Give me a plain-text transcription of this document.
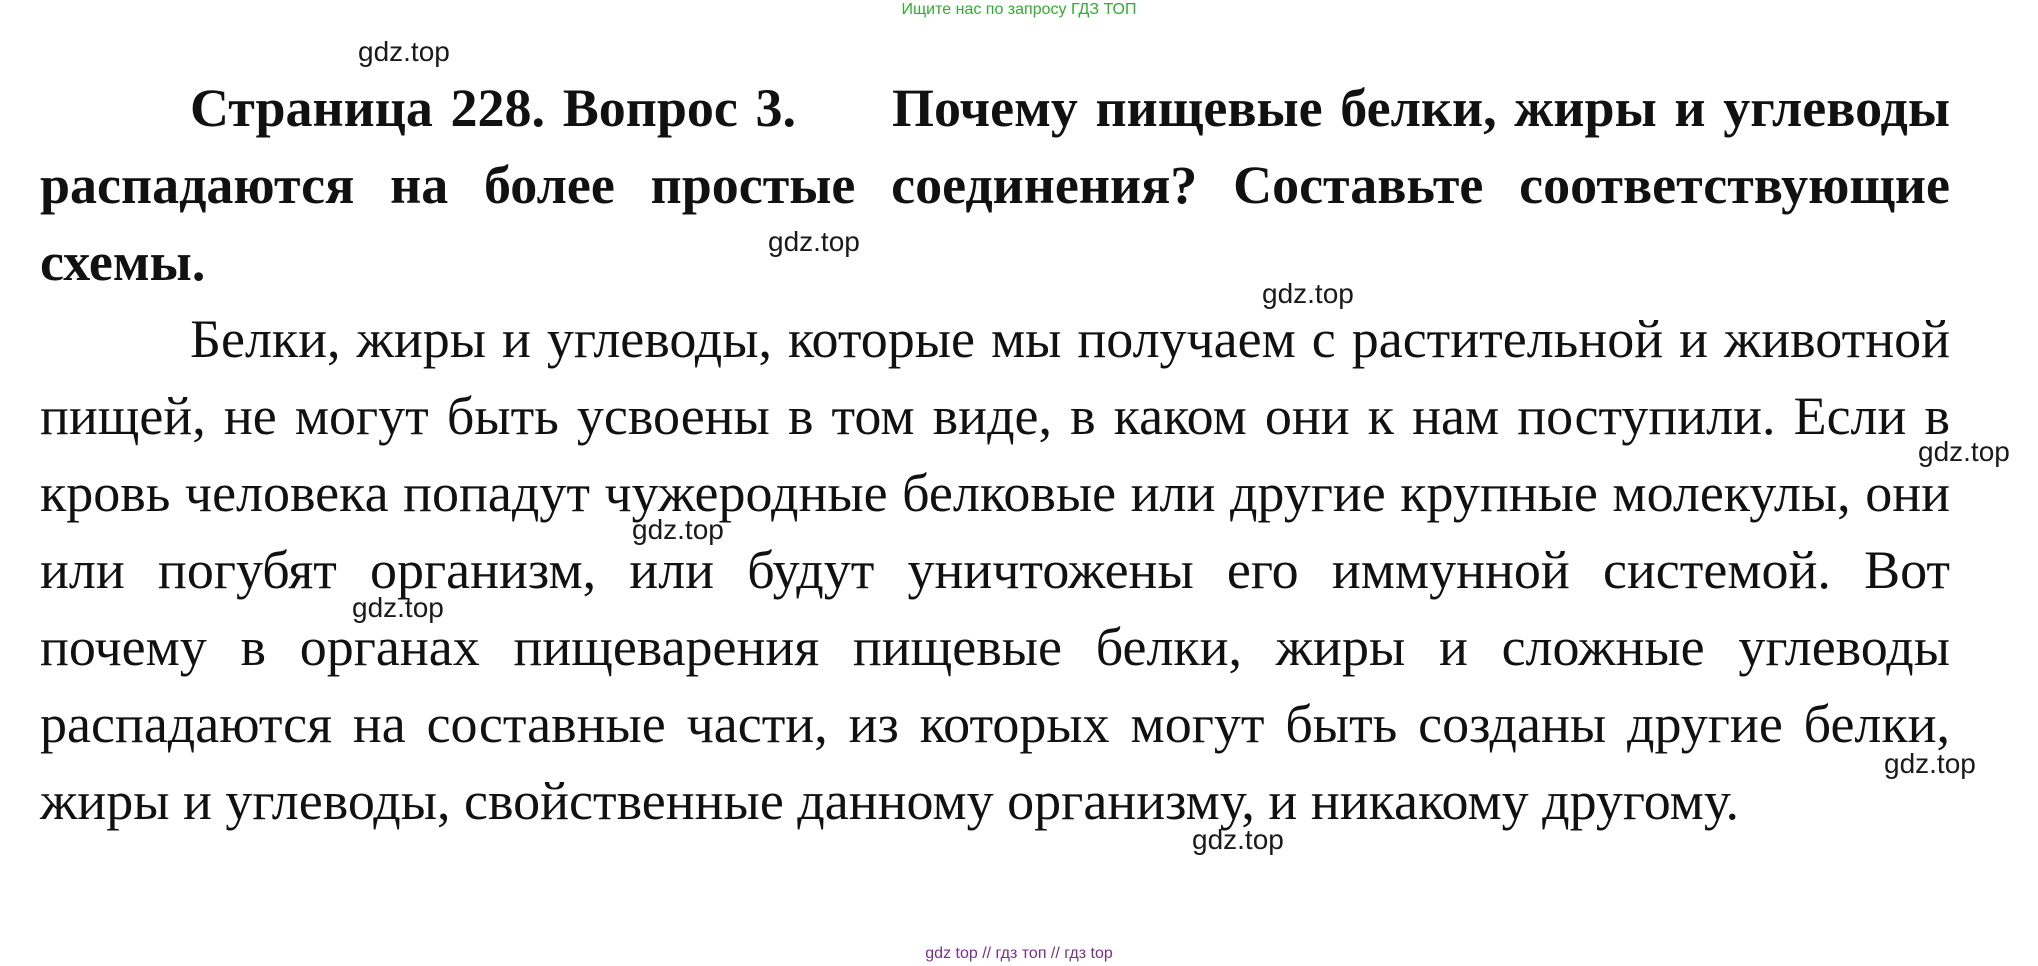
Ищите нас по запросу ГДЗ ТОП

Страница 228. Вопрос 3. Почему пищевые белки, жиры и углеводы распадаются на более простые соединения? Составьте соответствующие схемы.

Белки, жиры и углеводы, которые мы получаем с растительной и животной пищей, не могут быть усвоены в том виде, в каком они к нам поступили. Если в кровь человека попадут чужеродные белковые или другие крупные молекулы, они или погубят организм, или будут уничтожены его иммунной системой. Вот почему в органах пищеварения пищевые белки, жиры и сложные углеводы распадаются на составные части, из которых могут быть созданы другие белки, жиры и углеводы, свойственные данному организму, и никакому другому.

gdz.top
gdz.top
gdz.top
gdz.top
gdz.top
gdz.top
gdz.top
gdz.top
gdz top // гдз топ // гдз top
